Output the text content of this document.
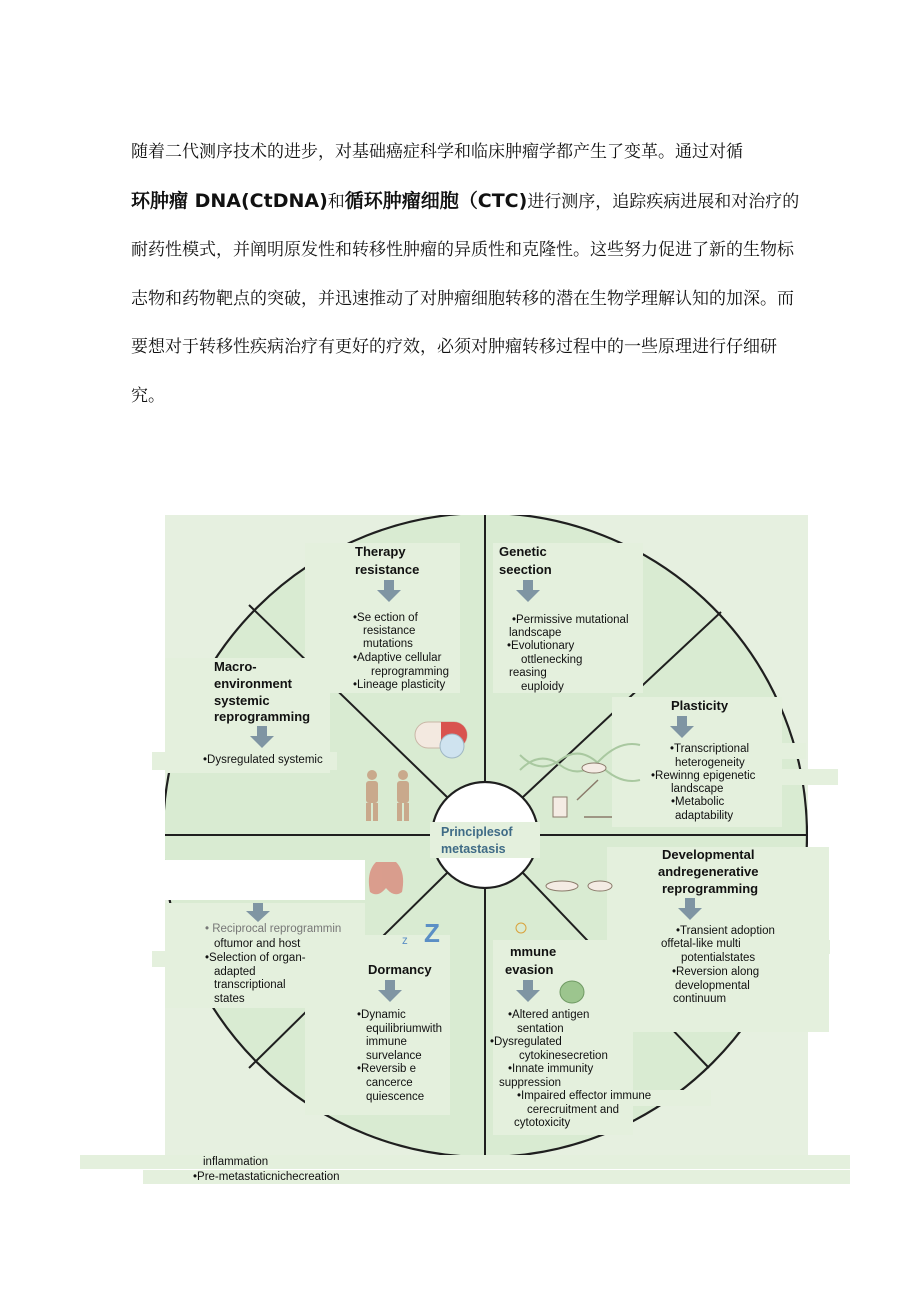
随着二代测序技术的进步，对基础癌症科学和临床肿瘤学都产生了变革。通过对循
环肿瘤 DNA(CtDNA)和循环肿瘤细胞（CTC)进行测序，追踪疾病进展和对治疗的耐药性模式，并阐明原发性和转移性肿瘤的异质性和克隆性。这些努力促进了新的生物标志物和药物靶点的突破，并迅速推动了对肿瘤细胞转移的潜在生物学理解认知的加深。而要想对于转移性疾病治疗有更好的疗效，必须对肿瘤转移过程中的一些原理进行仔细研究。

Z
z
Principlesof
metastasis
Therapy
resistance
•Se ection of
resistance
mutations
•Adaptive cellular
reprogramming
•Lineage plasticity
Genetic
seection
•Permissive mutational
landscape
•Evolutionary
ottlenecking
reasing
euploidy
Macro-
environment
systemic
reprogramming
•Dysregulated systemic
inflammation
Plasticity
•Transcriptional
heterogeneity
•Rewinng epigenetic
landscape
•Metabolic
adaptability
Developmental
andregenerative
reprogramming
•Transient adoption
offetal-like multi
potentialstates
•Reversion along
developmental
continuum
• Reciprocal reprogrammin
oftumor and host
•Selection of organ-
adapted
transcriptional
states
Dormancy
•Dynamic
equilibriumwith
immune
survelance
•Reversib e
cancerce
quiescence
mmune
evasion
•Altered antigen
sentation
•Dysregulated
cytokinesecretion
•Innate immunity
suppression
•Impaired effector immune
cerecruitment and
cytotoxicity
•Pre-metastaticnichecreation
